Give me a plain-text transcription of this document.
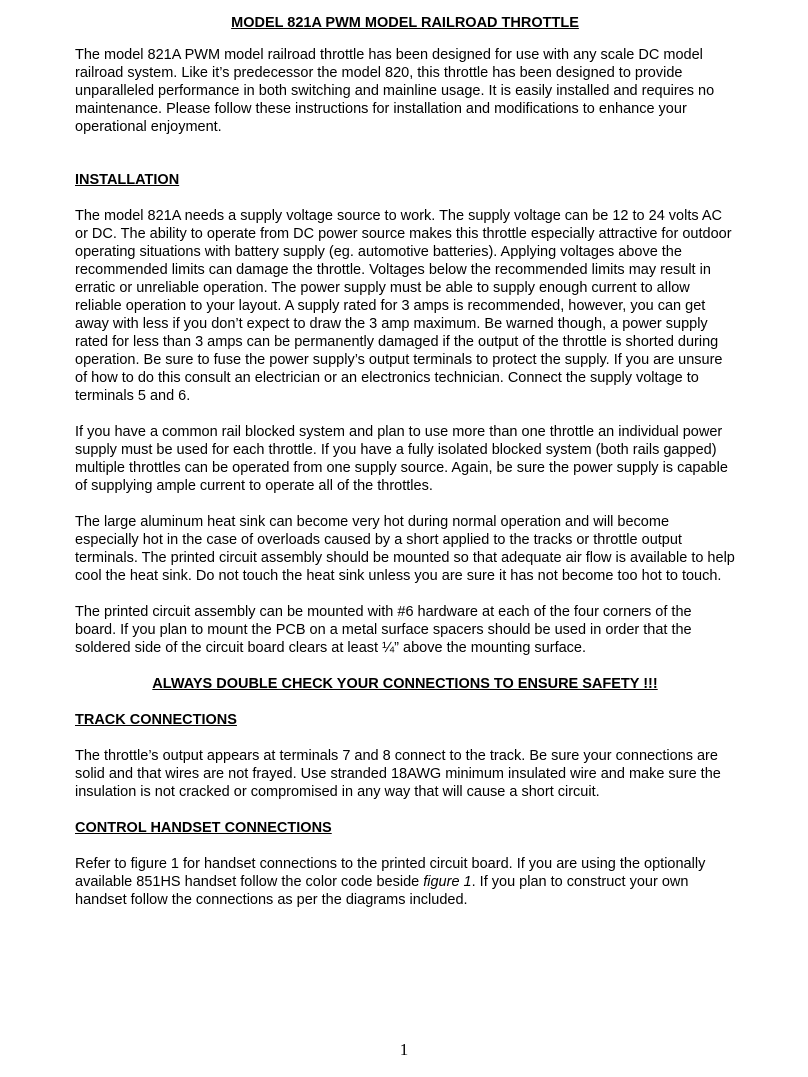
MODEL 821A PWM MODEL RAILROAD THROTTLE

The model 821A PWM model railroad throttle has been designed for use with any scale DC model railroad system. Like it’s predecessor the model 820, this throttle has been designed to provide unparalleled performance in both switching and mainline usage. It is easily installed and requires no maintenance. Please follow these instructions for installation and modifications to enhance your operational enjoyment.

INSTALLATION

The model 821A needs a supply voltage source to work. The supply voltage can be 12 to 24 volts AC or DC. The ability to operate from DC power source makes this throttle especially attractive for outdoor operating situations with battery supply (eg. automotive batteries). Applying voltages above the recommended limits can damage the throttle. Voltages below the recommended limits may result in erratic or unreliable operation. The power supply must be able to supply enough current to allow reliable operation to your layout. A supply rated for 3 amps is recommended, however, you can get away with less if you don’t expect to draw the 3 amp maximum. Be warned though, a power supply rated for less than 3 amps can be permanently damaged if the output of the throttle is shorted during operation. Be sure to fuse the power supply’s output terminals to protect the supply. If you are unsure of how to do this consult an electrician or an electronics technician. Connect the supply voltage to terminals 5 and 6.

If you have a common rail blocked system and plan to use more than one throttle an individual power supply must be used for each throttle. If you have a fully isolated blocked system (both rails gapped) multiple throttles can be operated from one supply source. Again, be sure the power supply is capable of supplying ample current to operate all of the throttles.

The large aluminum heat sink can become very hot during normal operation and will become especially hot in the case of overloads caused by a short applied to the tracks or throttle output terminals. The printed circuit assembly should be mounted so that adequate air flow is available to help cool the heat sink. Do not touch the heat sink unless you are sure it has not become too hot to touch.

The printed circuit assembly can be mounted with #6 hardware at each of the four corners of the board. If you plan to mount the PCB on a metal surface spacers should be used in order that the soldered side of the circuit board clears at least ¼” above the mounting surface.

ALWAYS DOUBLE CHECK YOUR CONNECTIONS TO ENSURE SAFETY !!!
TRACK CONNECTIONS

The throttle’s output appears at terminals 7 and 8 connect to the track. Be sure your connections are solid and that wires are not frayed. Use stranded 18AWG minimum insulated wire and make sure the insulation is not cracked or compromised in any way that will cause a short circuit.

CONTROL HANDSET CONNECTIONS

Refer to figure 1 for handset connections to the printed circuit board. If you are using the optionally available 851HS handset follow the color code beside figure 1. If you plan to construct your own handset follow the connections as per the diagrams included.

1
